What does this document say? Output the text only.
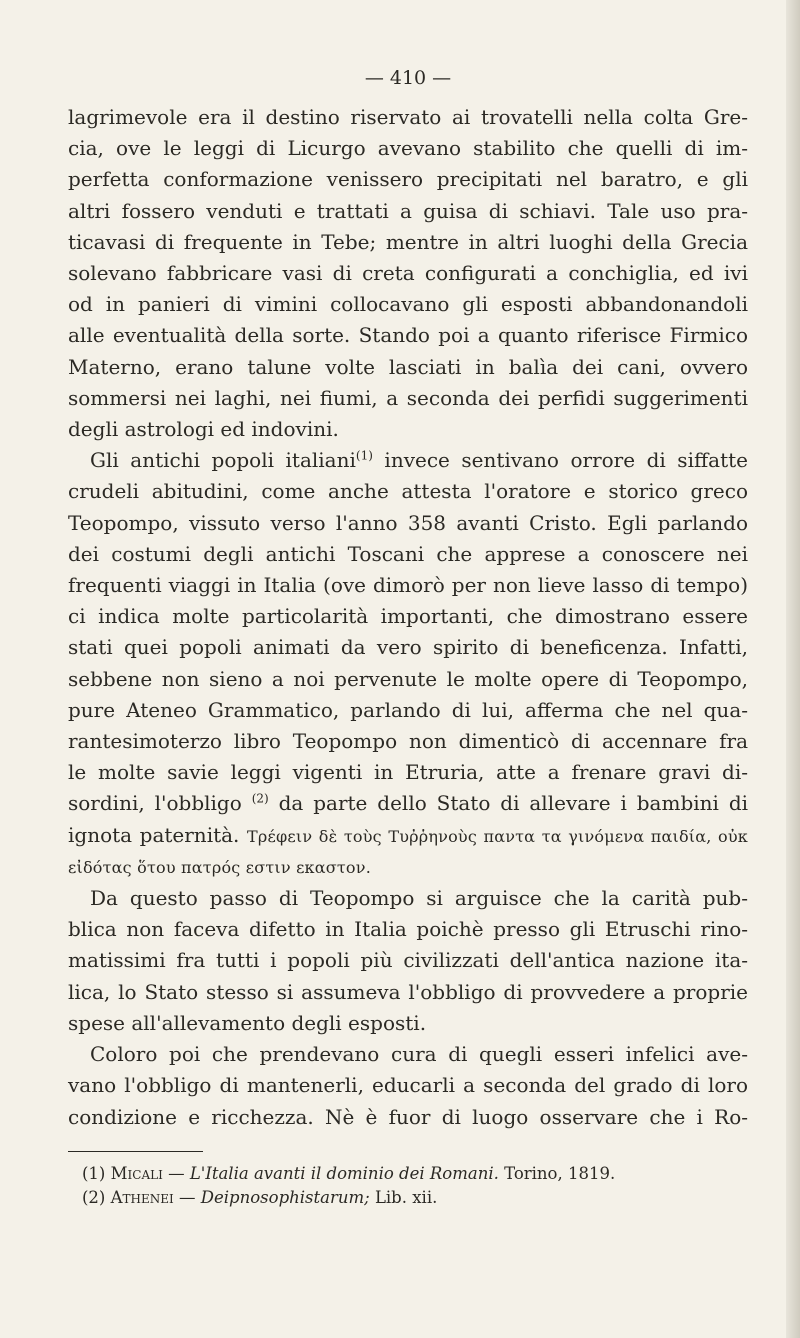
— 410 —
lagrimevole era il destino riservato ai trovatelli nella colta Gre-
cia, ove le leggi di Licurgo avevano stabilito che quelli di im-
perfetta conformazione venissero precipitati nel baratro, e gli
altri fossero venduti e trattati a guisa di schiavi. Tale uso pra-
ticavasi di frequente in Tebe; mentre in altri luoghi della Grecia
solevano fabbricare vasi di creta configurati a conchiglia, ed ivi
od in panieri di vimini collocavano gli esposti abbandonandoli
alle eventualità della sorte. Stando poi a quanto riferisce Firmico
Materno, erano talune volte lasciati in balìa dei cani, ovvero
sommersi nei laghi, nei fiumi, a seconda dei perfidi suggerimenti
degli astrologi ed indovini.
Gli antichi popoli italiani$^{(1)}$ invece sentivano orrore di siffatte
crudeli abitudini, come anche attesta l'oratore e storico greco
Teopompo, vissuto verso l'anno 358 avanti Cristo. Egli parlando
dei costumi degli antichi Toscani che apprese a conoscere nei
frequenti viaggi in Italia (ove dimorò per non lieve lasso di tempo)
ci indica molte particolarità importanti, che dimostrano essere
stati quei popoli animati da vero spirito di beneficenza. Infatti,
sebbene non sieno a noi pervenute le molte opere di Teopompo,
pure Ateneo Grammatico, parlando di lui, afferma che nel qua-
rantesimoterzo libro Teopompo non dimenticò di accennare fra
le molte savie leggi vigenti in Etruria, atte a frenare gravi di-
sordini, l'obbligo $^{(2)}$ da parte dello Stato di allevare i bambini di
ignota paternità. Τρέφειν δὲ τοὺς Τυῤῥηνοὺς παντα τα γινόμενα παιδία, οὐκ
εἰδότας ὅτου πατρός εστιν εκαστον.
Da questo passo di Teopompo si arguisce che la carità pub-
blica non faceva difetto in Italia poichè presso gli Etruschi rino-
matissimi fra tutti i popoli più civilizzati dell'antica nazione ita-
lica, lo Stato stesso si assumeva l'obbligo di provvedere a proprie
spese all'allevamento degli esposti.
Coloro poi che prendevano cura di quegli esseri infelici ave-
vano l'obbligo di mantenerli, educarli a seconda del grado di loro
condizione e ricchezza. Nè è fuor di luogo osservare che i Ro-
(1) Micali — L'Italia avanti il dominio dei Romani. Torino, 1819.
(2) Athenei — Deipnosophistarum; Lib. xii.
